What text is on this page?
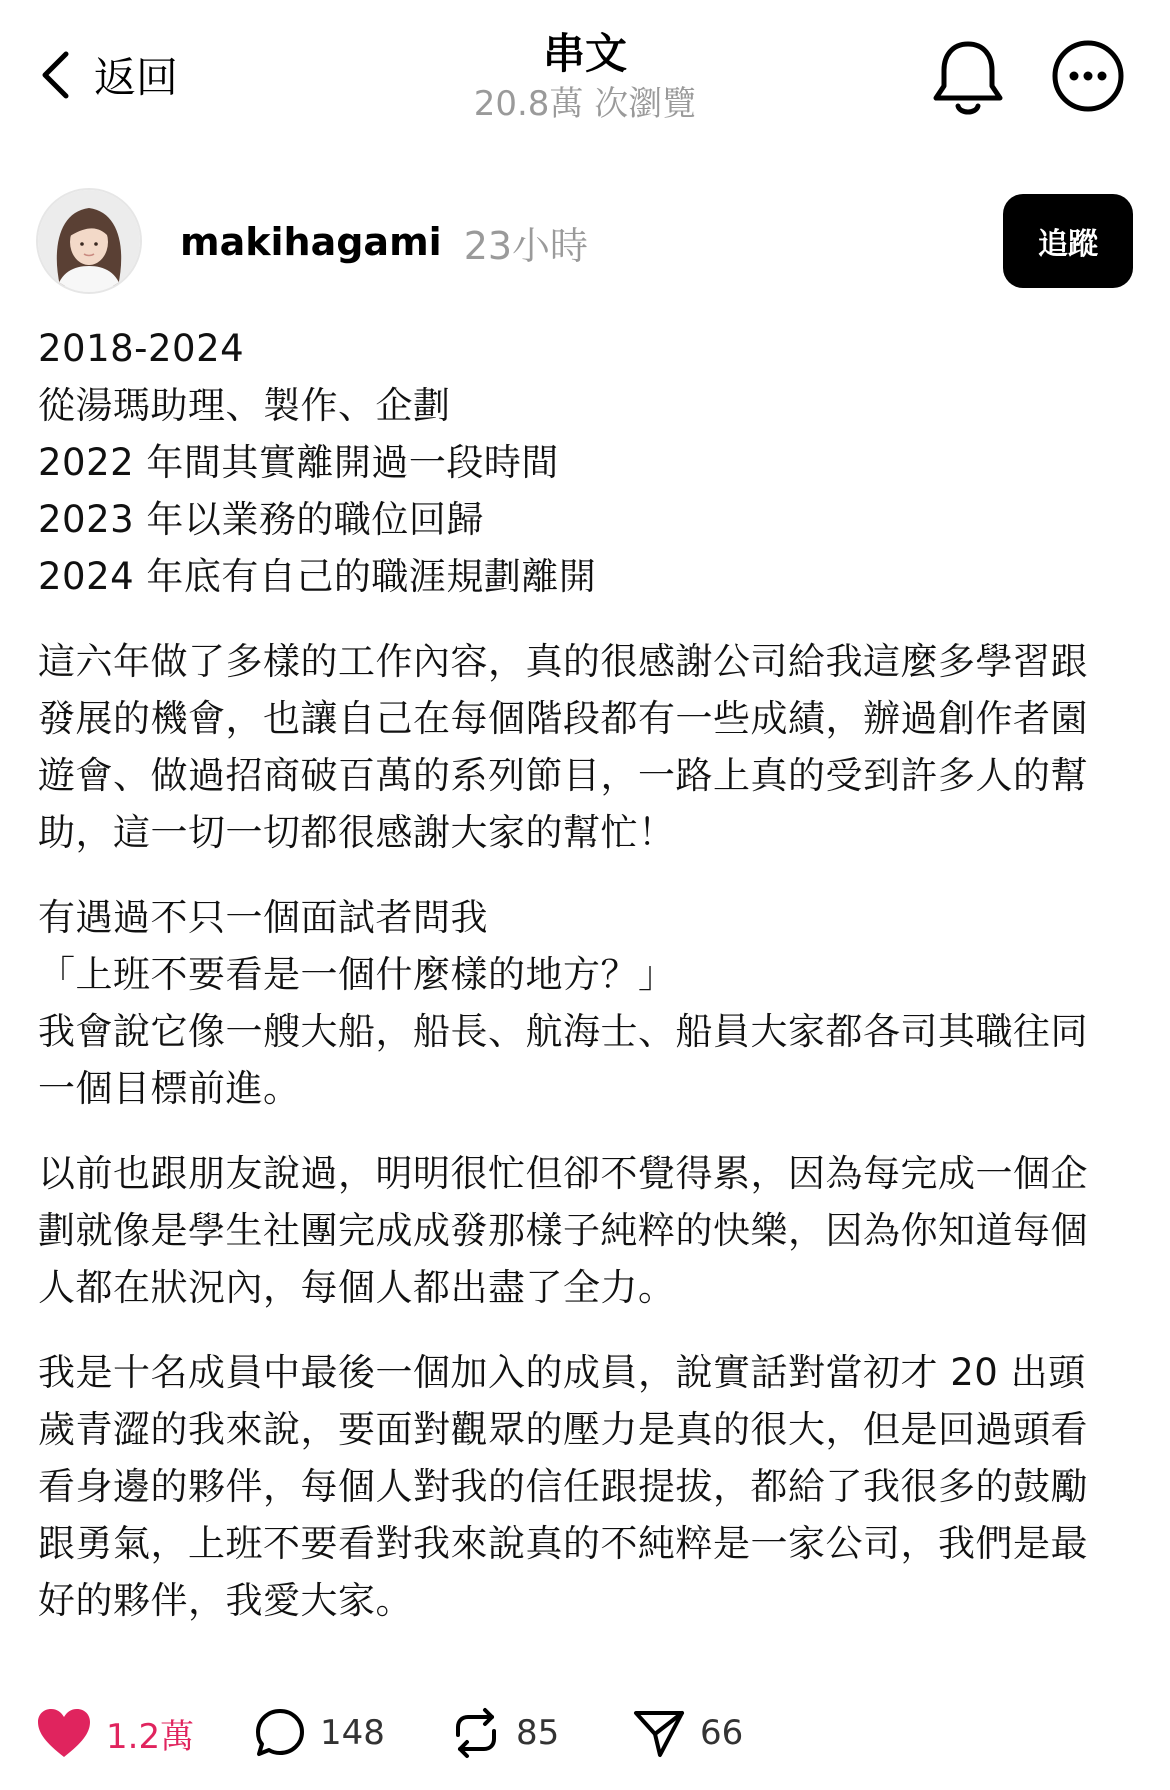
返回	串文
20.8萬 次瀏覽
makihagami 23小時	追蹤

2018-2024
從湯瑪助理、製作、企劃
2022 年間其實離開過一段時間
2023 年以業務的職位回歸
2024 年底有自己的職涯規劃離開

這六年做了多樣的工作內容，真的很感謝公司給我這麼多學習跟
發展的機會，也讓自己在每個階段都有一些成績，辦過創作者園
遊會、做過招商破百萬的系列節目，一路上真的受到許多人的幫
助，這一切一切都很感謝大家的幫忙！

有遇過不只一個面試者問我
「上班不要看是一個什麼樣的地方？」
我會說它像一艘大船，船長、航海士、船員大家都各司其職往同
一個目標前進。

以前也跟朋友說過，明明很忙但卻不覺得累，因為每完成一個企
劃就像是學生社團完成成發那樣子純粹的快樂，因為你知道每個
人都在狀況內，每個人都出盡了全力。

我是十名成員中最後一個加入的成員，說實話對當初才 20 出頭
歲青澀的我來說，要面對觀眾的壓力是真的很大，但是回過頭看
看身邊的夥伴，每個人對我的信任跟提拔，都給了我很多的鼓勵
跟勇氣，上班不要看對我來說真的不純粹是一家公司，我們是最
好的夥伴，我愛大家。

1.2萬	148	85	66
